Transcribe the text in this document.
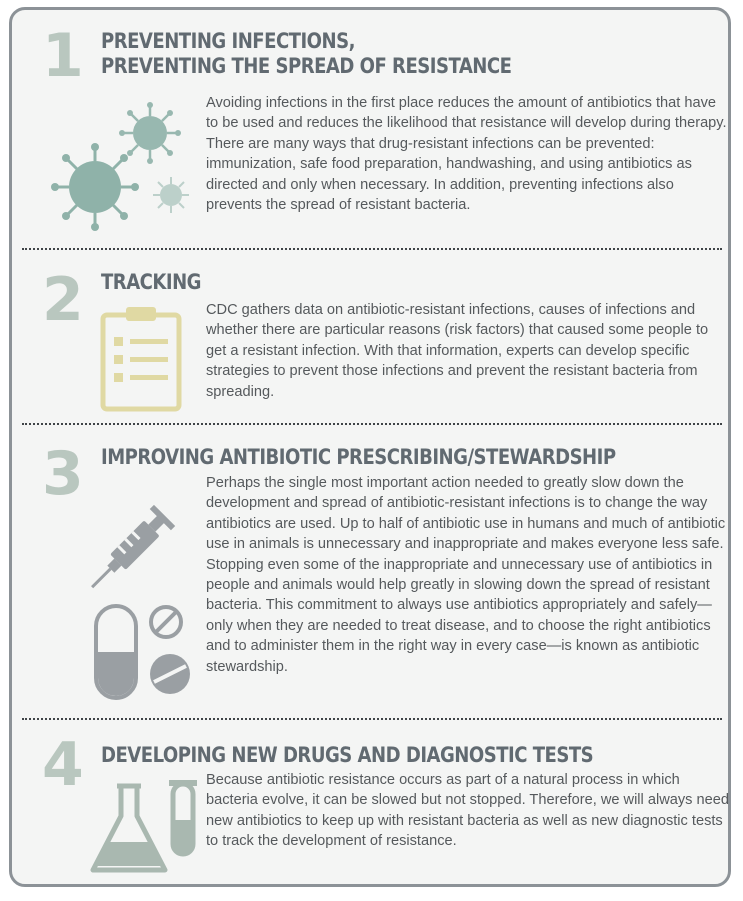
1 PREVENTING INFECTIONS,
PREVENTING THE SPREAD OF RESISTANCE
Avoiding infections in the first place reduces the amount of antibiotics that have to be used and reduces the likelihood that resistance will develop during therapy. There are many ways that drug-resistant infections can be prevented: immunization, safe food preparation, handwashing, and using antibiotics as directed and only when necessary. In addition, preventing infections also prevents the spread of resistant bacteria.
2 TRACKING
CDC gathers data on antibiotic-resistant infections, causes of infections and whether there are particular reasons (risk factors) that caused some people to get a resistant infection. With that information, experts can develop specific strategies to prevent those infections and prevent the resistant bacteria from spreading.
3 IMPROVING ANTIBIOTIC PRESCRIBING/STEWARDSHIP
Perhaps the single most important action needed to greatly slow down the development and spread of antibiotic-resistant infections is to change the way antibiotics are used. Up to half of antibiotic use in humans and much of antibiotic use in animals is unnecessary and inappropriate and makes everyone less safe. Stopping even some of the inappropriate and unnecessary use of antibiotics in people and animals would help greatly in slowing down the spread of resistant bacteria. This commitment to always use antibiotics appropriately and safely—only when they are needed to treat disease, and to choose the right antibiotics and to administer them in the right way in every case—is known as antibiotic stewardship.
4 DEVELOPING NEW DRUGS AND DIAGNOSTIC TESTS
Because antibiotic resistance occurs as part of a natural process in which bacteria evolve, it can be slowed but not stopped. Therefore, we will always need new antibiotics to keep up with resistant bacteria as well as new diagnostic tests to track the development of resistance.
